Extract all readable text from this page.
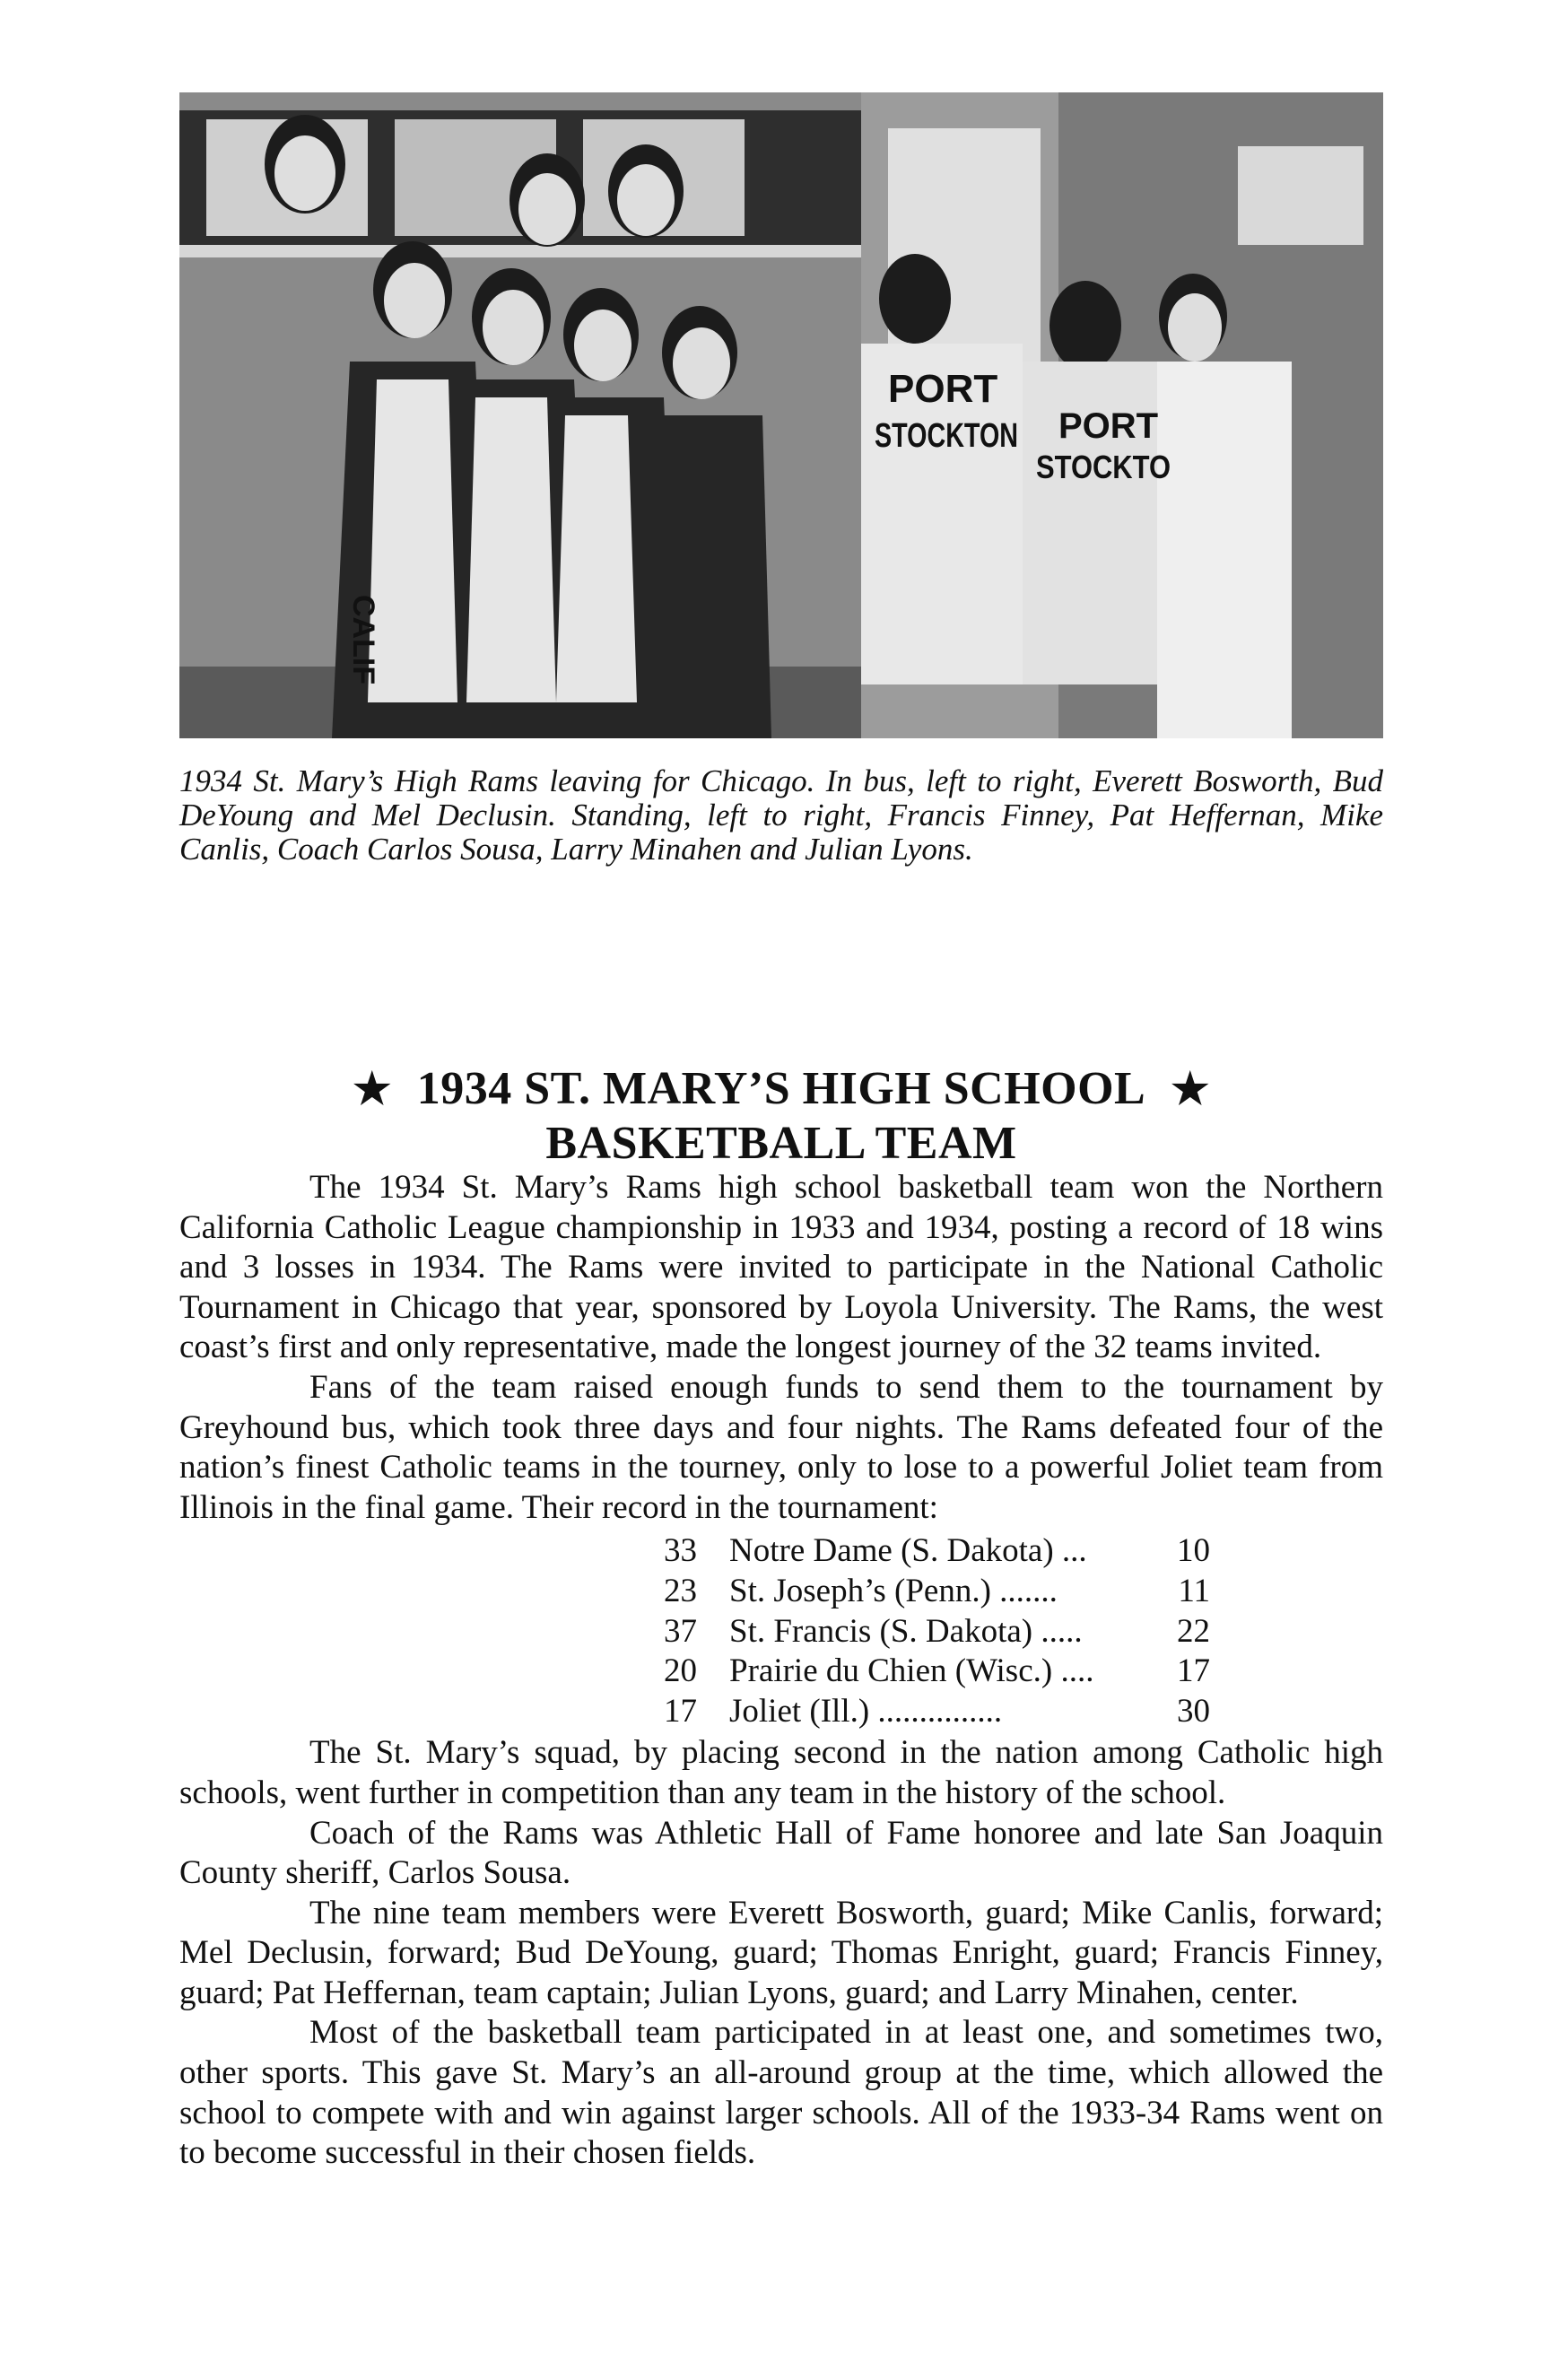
PORT
STOCKTON PORT
STOCKTO
CALIF
1934 St. Mary’s High Rams leaving for Chicago. In bus, left to right, Everett Bosworth, Bud DeYoung and Mel Declusin. Standing, left to right, Francis Finney, Pat Heffernan, Mike Canlis, Coach Carlos Sousa, Larry Minahen and Julian Lyons.
★ 1934 ST. MARY’S HIGH SCHOOL ★
BASKETBALL TEAM

The 1934 St. Mary’s Rams high school basketball team won the Northern California Catholic League championship in 1933 and 1934, posting a record of 18 wins and 3 losses in 1934. The Rams were invited to participate in the National Catholic Tournament in Chicago that year, sponsored by Loyola University. The Rams, the west coast’s first and only representative, made the longest journey of the 32 teams invited.

Fans of the team raised enough funds to send them to the tournament by Greyhound bus, which took three days and four nights. The Rams defeated four of the nation’s finest Catholic teams in the tourney, only to lose to a powerful Joliet team from Illinois in the final game. Their record in the tournament:

33 Notre Dame (S. Dakota) ...	10
23 St. Joseph’s (Penn.) .......	11
37 St. Francis (S. Dakota) .....	22
20 Prairie du Chien (Wisc.) ....	17
17 Joliet (Ill.) ...............	30

The St. Mary’s squad, by placing second in the nation among Catholic high schools, went further in competition than any team in the history of the school.

Coach of the Rams was Athletic Hall of Fame honoree and late San Joaquin County sheriff, Carlos Sousa.

The nine team members were Everett Bosworth, guard; Mike Canlis, forward; Mel Declusin, forward; Bud DeYoung, guard; Thomas Enright, guard; Francis Finney, guard; Pat Heffernan, team captain; Julian Lyons, guard; and Larry Minahen, center.

Most of the basketball team participated in at least one, and sometimes two, other sports. This gave St. Mary’s an all-around group at the time, which allowed the school to compete with and win against larger schools. All of the 1933-34 Rams went on to become successful in their chosen fields.
